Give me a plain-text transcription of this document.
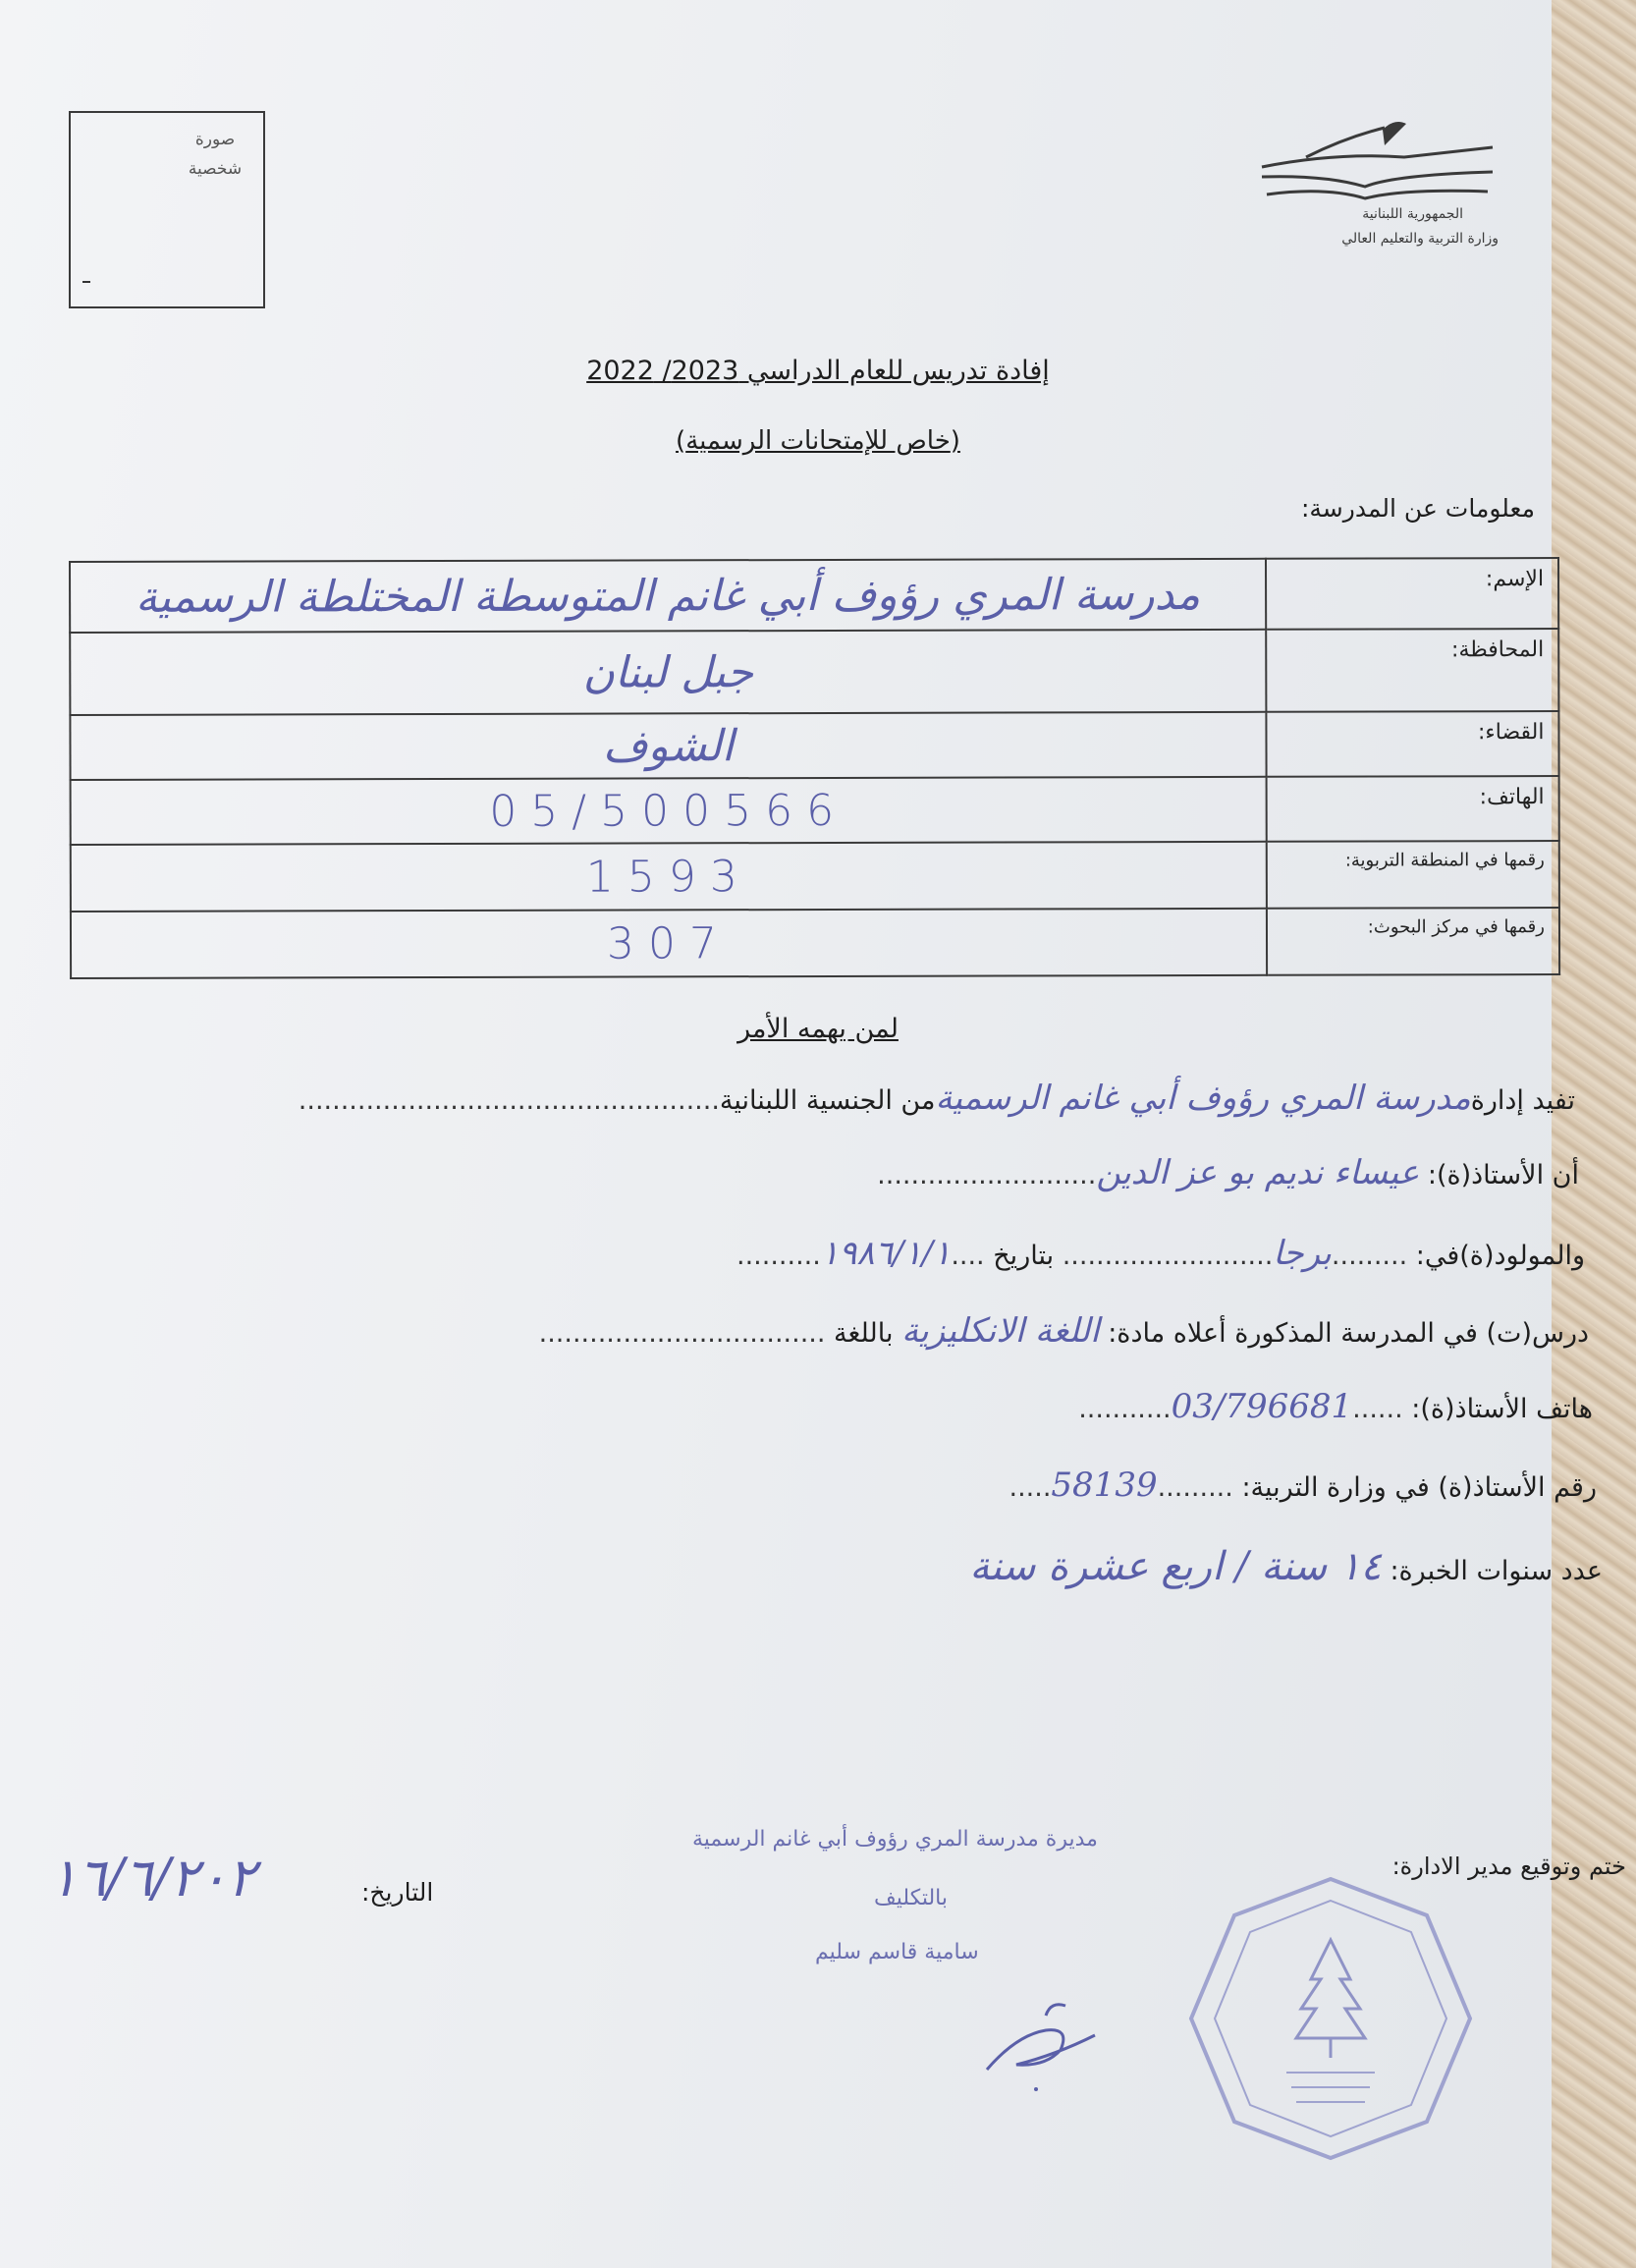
صورة شخصية
الجمهورية اللبنانية
وزارة التربية والتعليم العالي
إفادة تدريس للعام الدراسي 2023/ 2022
(خاص للإمتحانات الرسمية)
معلومات عن المدرسة:
مدرسة المري رؤوف أبي غانم المتوسطة المختلطة الرسمية	الإسم:
جبل لبنان	المحافظة:
الشوف	القضاء:
05/500566	الهاتف:
1593	رقمها في المنطقة التربوية:
307	رقمها في مركز البحوث:
لمن يهمه الأمر
تفيد إدارةمدرسة المري رؤوف أبي غانم الرسميةمن الجنسية اللبنانية..................................................
أن الأستاذ(ة): عيساء نديم بو عز الدين..........................
والمولود(ة)في: .........برجا......................... بتاريخ ....١٩٨٦/١/١..........
درس(ت) في المدرسة المذكورة أعلاه مادة: اللغة الانكليزية باللغة ..................................
هاتف الأستاذ(ة): ......03/796681...........
رقم الأستاذ(ة) في وزارة التربية: .........58139.....
عدد سنوات الخبرة: ١٤ سنة / اربع عشرة سنة
مديرة مدرسة المري رؤوف أبي غانم الرسمية
بالتكليف
سامية قاسم سليم
ختم وتوقيع مدير الادارة:
التاريخ:
١٦/٦/٢٠٢
